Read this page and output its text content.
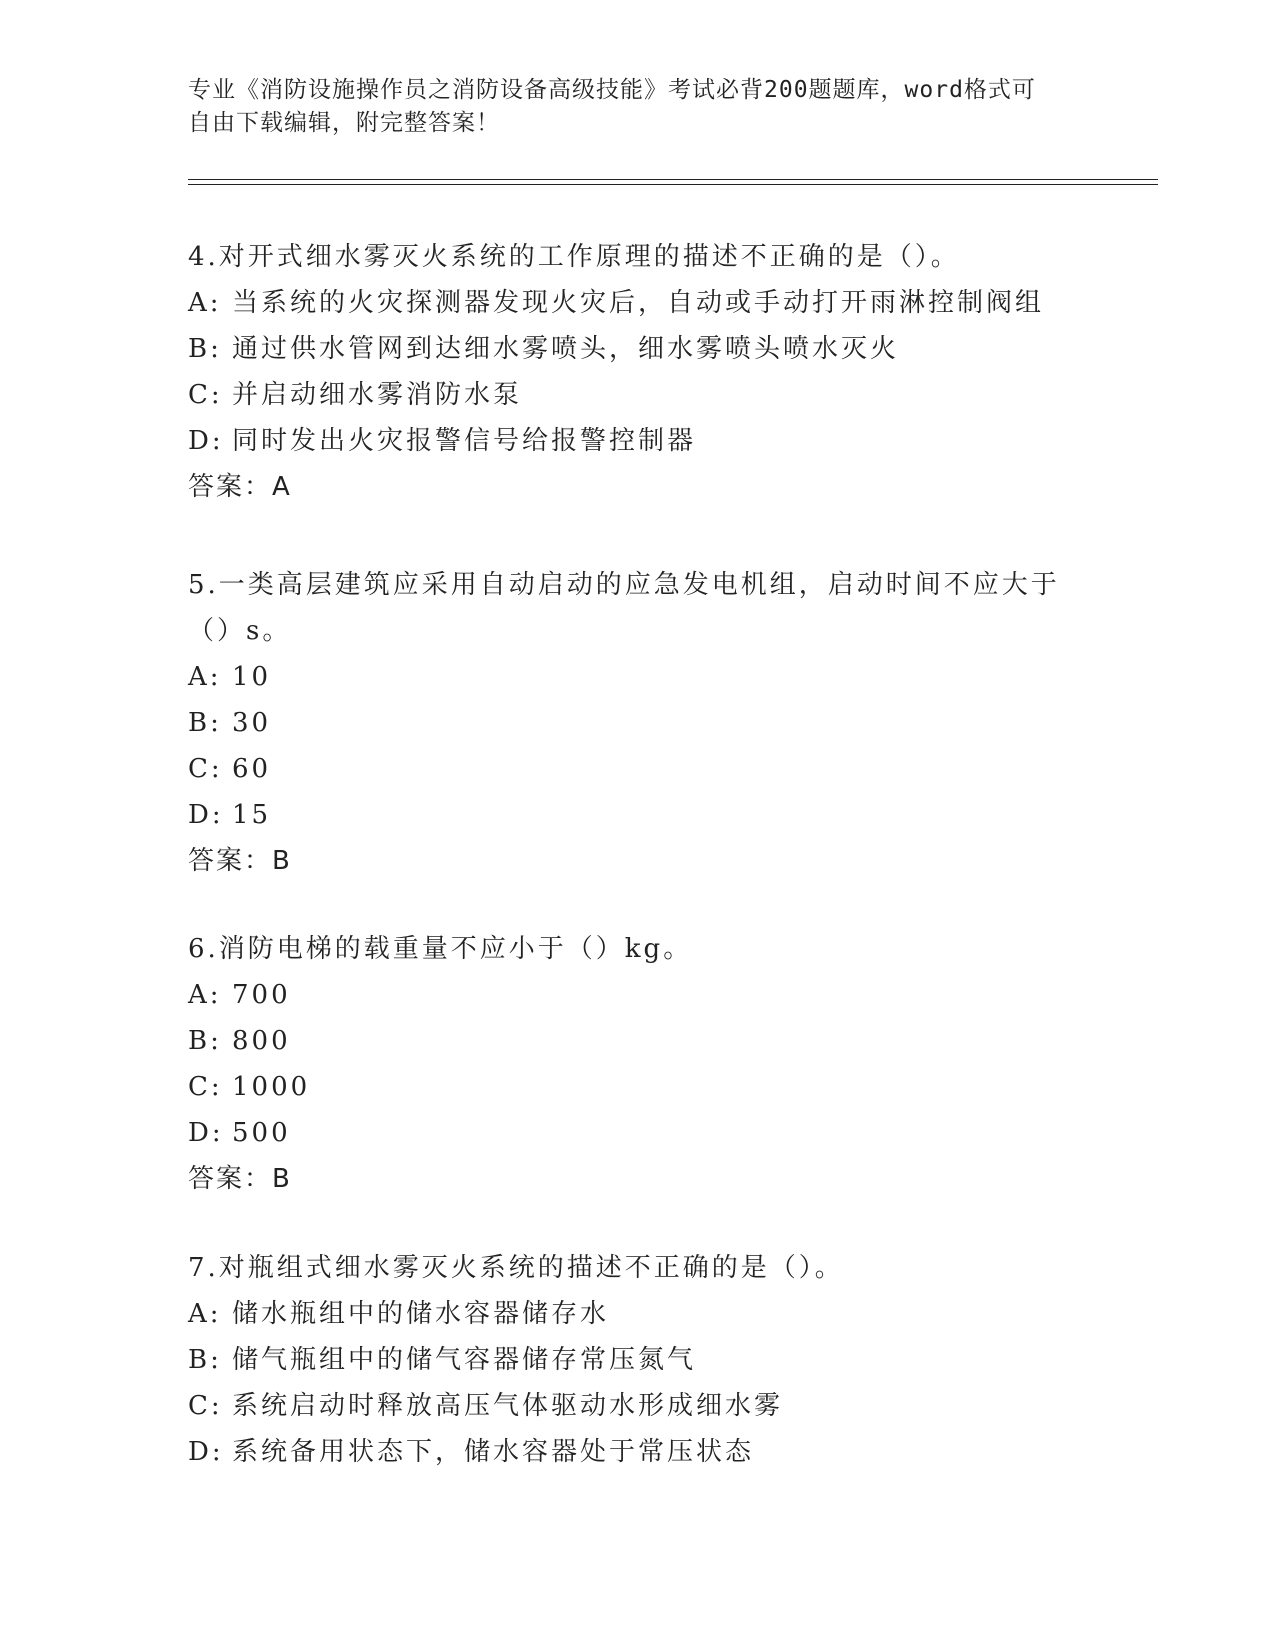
专业《消防设施操作员之消防设备高级技能》考试必背200题题库，word格式可
自由下载编辑，附完整答案！

4.对开式细水雾灭火系统的工作原理的描述不正确的是（）。

A: 当系统的火灾探测器发现火灾后，自动或手动打开雨淋控制阀组

B: 通过供水管网到达细水雾喷头，细水雾喷头喷水灭火

C: 并启动细水雾消防水泵

D: 同时发出火灾报警信号给报警控制器

答案：A

5.一类高层建筑应采用自动启动的应急发电机组，启动时间不应大于（）s。

A: 10

B: 30

C: 60

D: 15

答案：B

6.消防电梯的载重量不应小于（）kg。

A: 700

B: 800

C: 1000

D: 500

答案：B

7.对瓶组式细水雾灭火系统的描述不正确的是（）。

A: 储水瓶组中的储水容器储存水

B: 储气瓶组中的储气容器储存常压氮气

C: 系统启动时释放高压气体驱动水形成细水雾

D: 系统备用状态下，储水容器处于常压状态
